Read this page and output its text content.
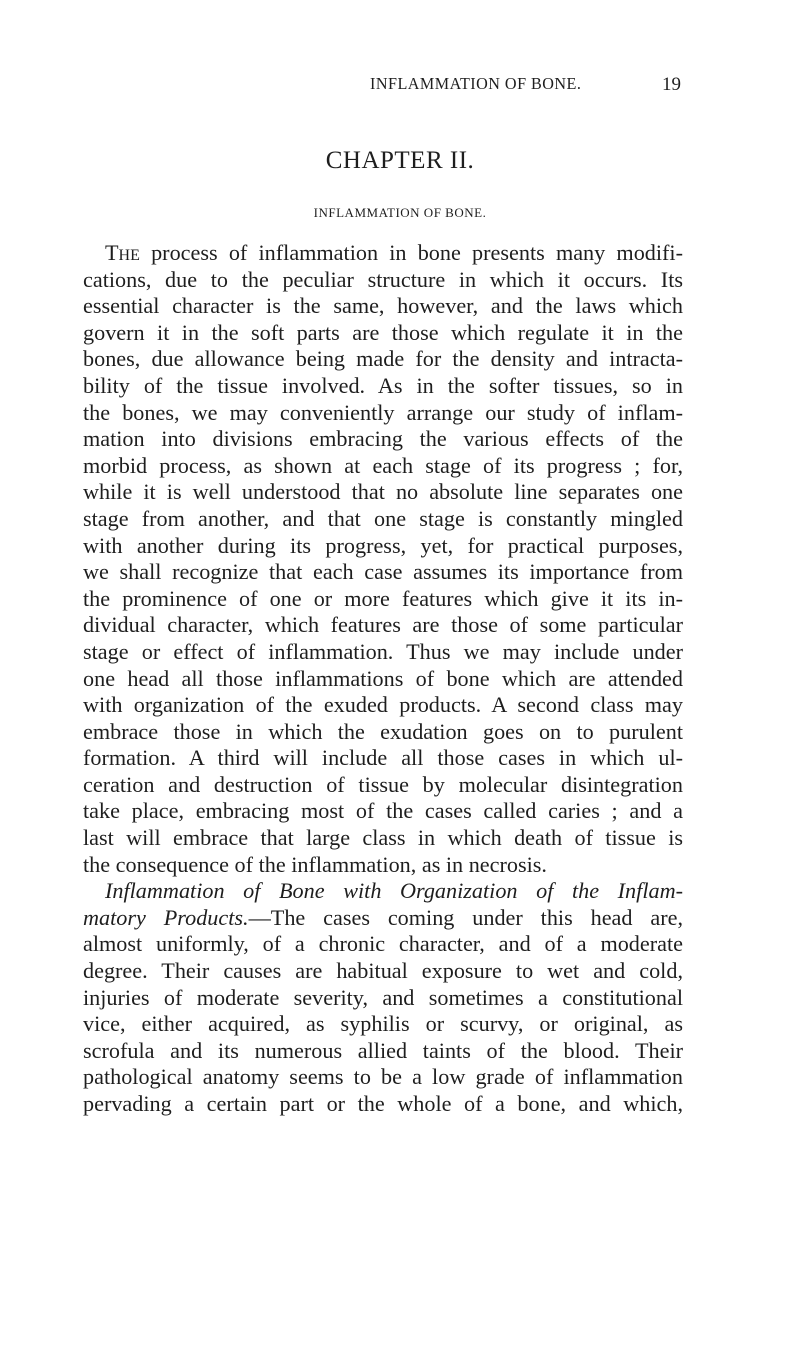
INFLAMMATION OF BONE.	19
CHAPTER II.
INFLAMMATION OF BONE.
The process of inflammation in bone presents many modifi-
cations, due to the peculiar structure in which it occurs. Its
essential character is the same, however, and the laws which
govern it in the soft parts are those which regulate it in the
bones, due allowance being made for the density and intracta-
bility of the tissue involved. As in the softer tissues, so in
the bones, we may conveniently arrange our study of inflam-
mation into divisions embracing the various effects of the
morbid process, as shown at each stage of its progress ; for,
while it is well understood that no absolute line separates one
stage from another, and that one stage is constantly mingled
with another during its progress, yet, for practical purposes,
we shall recognize that each case assumes its importance from
the prominence of one or more features which give it its in-
dividual character, which features are those of some particular
stage or effect of inflammation. Thus we may include under
one head all those inflammations of bone which are attended
with organization of the exuded products. A second class may
embrace those in which the exudation goes on to purulent
formation. A third will include all those cases in which ul-
ceration and destruction of tissue by molecular disintegration
take place, embracing most of the cases called caries ; and a
last will embrace that large class in which death of tissue is
the consequence of the inflammation, as in necrosis.
Inflammation of Bone with Organization of the Inflam-
matory Products.—The cases coming under this head are,
almost uniformly, of a chronic character, and of a moderate
degree. Their causes are habitual exposure to wet and cold,
injuries of moderate severity, and sometimes a constitutional
vice, either acquired, as syphilis or scurvy, or original, as
scrofula and its numerous allied taints of the blood. Their
pathological anatomy seems to be a low grade of inflammation
pervading a certain part or the whole of a bone, and which,
